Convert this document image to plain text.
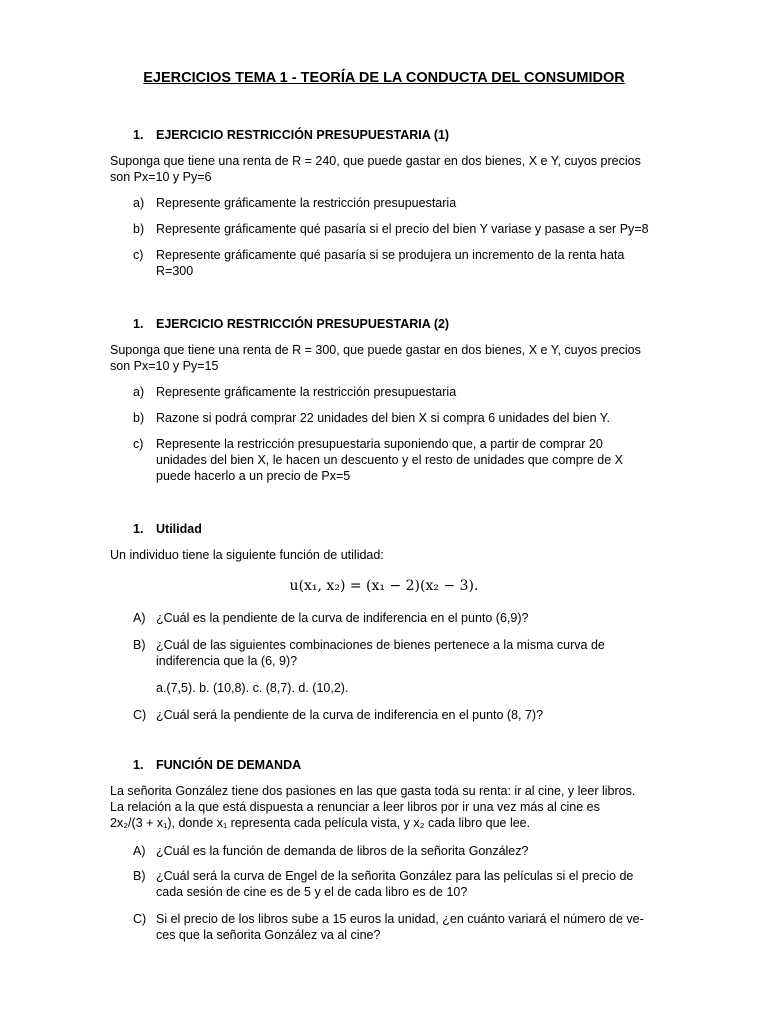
EJERCICIOS TEMA 1 - TEORÍA DE LA CONDUCTA DEL CONSUMIDOR
1. EJERCICIO RESTRICCIÓN PRESUPUESTARIA (1)
Suponga que tiene una renta de R = 240, que puede gastar en dos bienes, X e Y, cuyos precios
son Px=10 y Py=6
a) Represente gráficamente la restricción presupuestaria
b) Represente gráficamente qué pasaría si el precio del bien Y variase y pasase a ser Py=8
c) Represente gráficamente qué pasaría si se produjera un incremento de la renta hata
R=300
1. EJERCICIO RESTRICCIÓN PRESUPUESTARIA (2)
Suponga que tiene una renta de R = 300, que puede gastar en dos bienes, X e Y, cuyos precios
son Px=10 y Py=15
a) Represente gráficamente la restricción presupuestaria
b) Razone si podrá comprar 22 unidades del bien X si compra 6 unidades del bien Y.
c) Represente la restricción presupuestaria suponiendo que, a partir de comprar 20
unidades del bien X, le hacen un descuento y el resto de unidades que compre de X
puede hacerlo a un precio de Px=5
1. Utilidad
Un individuo tiene la siguiente función de utilidad:
u(x₁, x₂) = (x₁ − 2)(x₂ − 3).
A) ¿Cuál es la pendiente de la curva de indiferencia en el punto (6,9)?
B) ¿Cuál de las siguientes combinaciones de bienes pertenece a la misma curva de
indiferencia que la (6, 9)?
a.(7,5). b. (10,8). c. (8,7). d. (10,2).
C) ¿Cuál será la pendiente de la curva de indiferencia en el punto (8, 7)?
1. FUNCIÓN DE DEMANDA
La señorita González tiene dos pasiones en las que gasta toda su renta: ir al cine, y leer libros.
La relación a la que está dispuesta a renunciar a leer libros por ir una vez más al cine es
2x₂/(3 + x₁), donde x₁ representa cada película vista, y x₂ cada libro que lee.
A) ¿Cuál es la función de demanda de libros de la señorita González?
B) ¿Cuál será la curva de Engel de la señorita González para las películas si el precio de
cada sesión de cine es de 5 y el de cada libro es de 10?
C) Si el precio de los libros sube a 15 euros la unidad, ¿en cuánto variará el número de ve-
ces que la señorita González va al cine?
